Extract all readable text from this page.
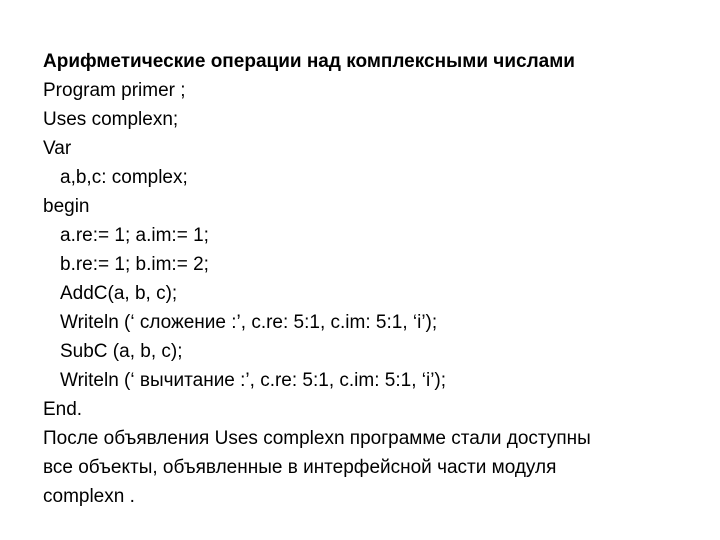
Арифметические операции над комплексными числами
Program primer ;
Uses complexn;
Var
a,b,c: complex;
begin
a.re:= 1; a.im:= 1;
b.re:= 1; b.im:= 2;
AddC(a, b, c);
Writeln (‘ сложение :’, c.re: 5:1, c.im: 5:1, ‘i’);
SubC (a, b, c);
Writeln (‘ вычитание :’, c.re: 5:1, c.im: 5:1, ‘i’);
End.
После объявления Uses complexn программе стали доступны
все объекты, объявленные в интерфейсной части модуля
complexn .
